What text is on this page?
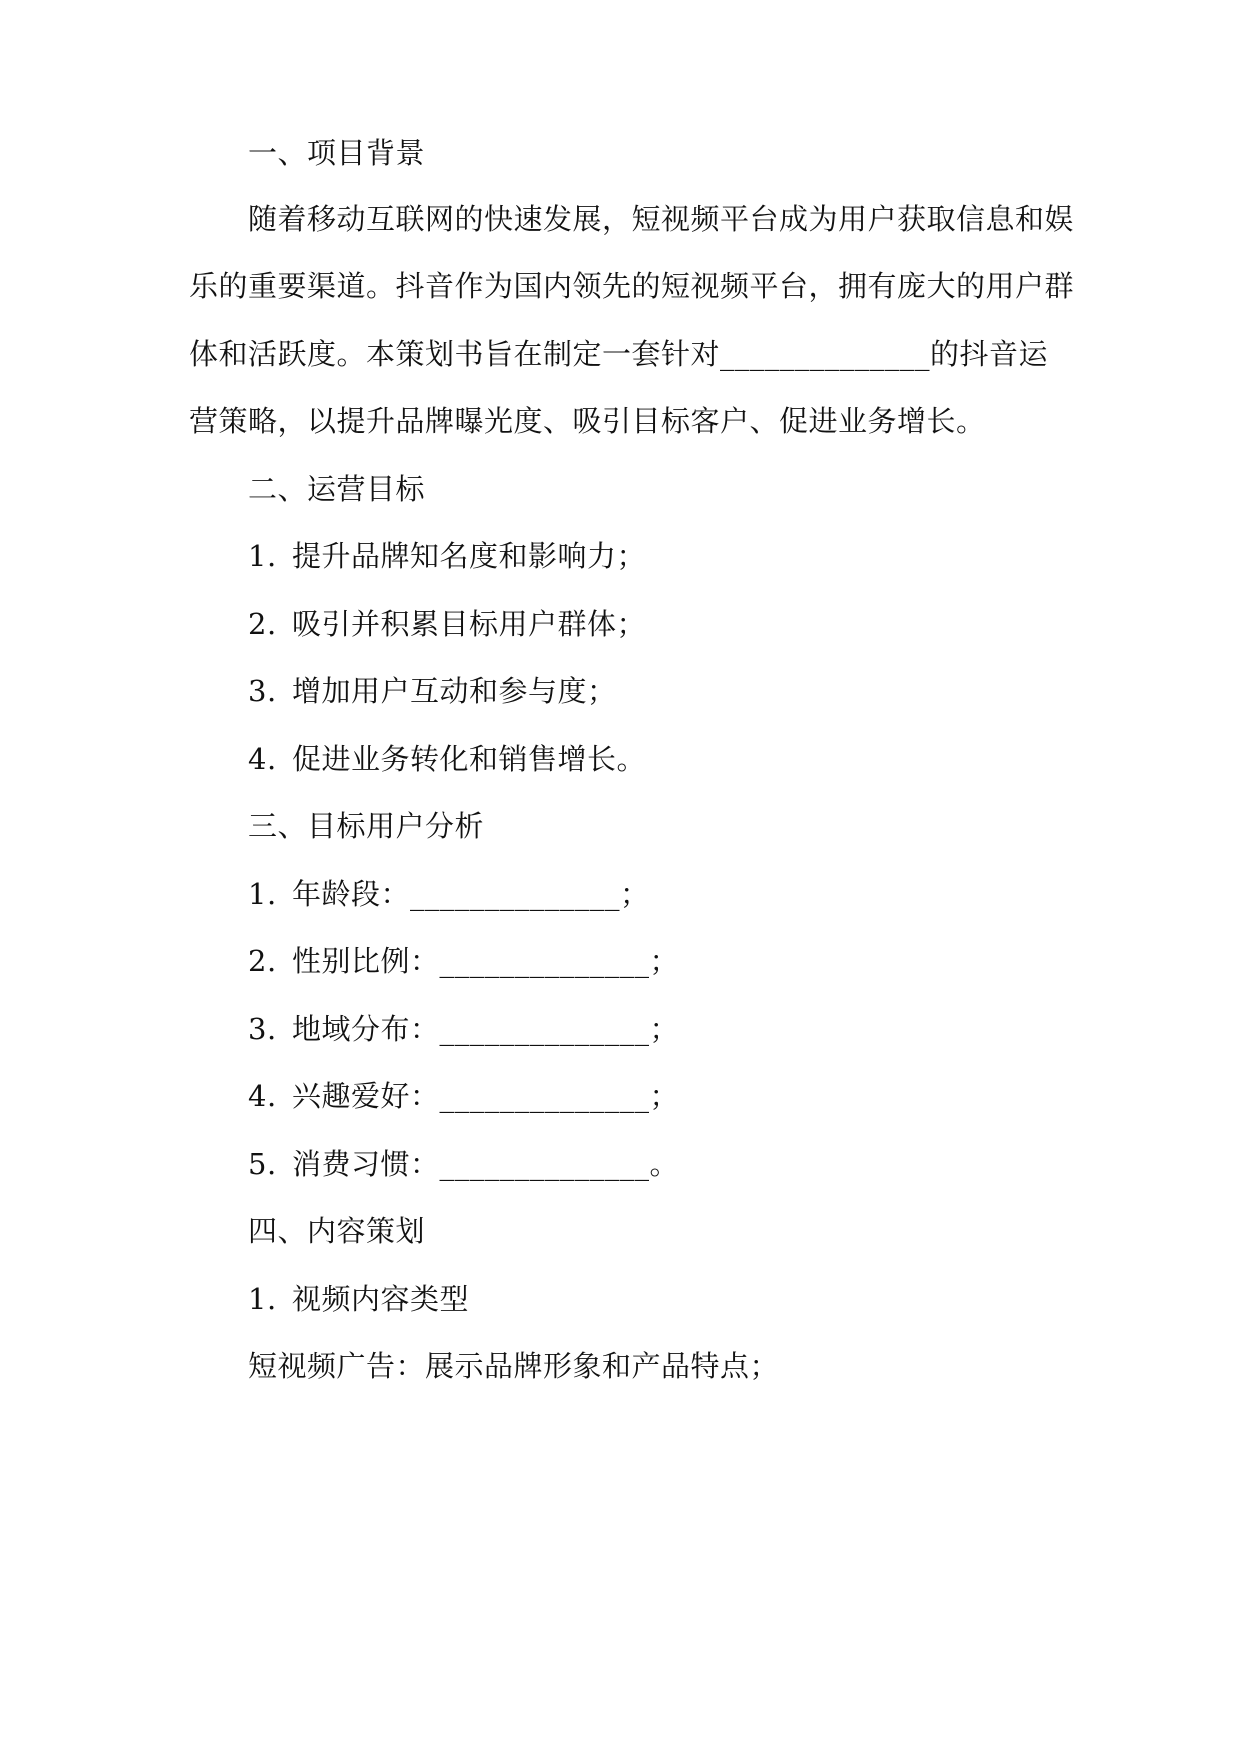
一、项目背景
随着移动互联网的快速发展，短视频平台成为用户获取信息和娱
乐的重要渠道。抖音作为国内领先的短视频平台，拥有庞大的用户群
体和活跃度。本策划书旨在制定一套针对______________的抖音运
营策略，以提升品牌曝光度、吸引目标客户、促进业务增长。
二、运营目标
1. 提升品牌知名度和影响力；
2. 吸引并积累目标用户群体；
3. 增加用户互动和参与度；
4. 促进业务转化和销售增长。
三、目标用户分析
1. 年龄段：______________；
2. 性别比例：______________；
3. 地域分布：______________；
4. 兴趣爱好：______________；
5. 消费习惯：______________。
四、内容策划
1. 视频内容类型
短视频广告：展示品牌形象和产品特点；
